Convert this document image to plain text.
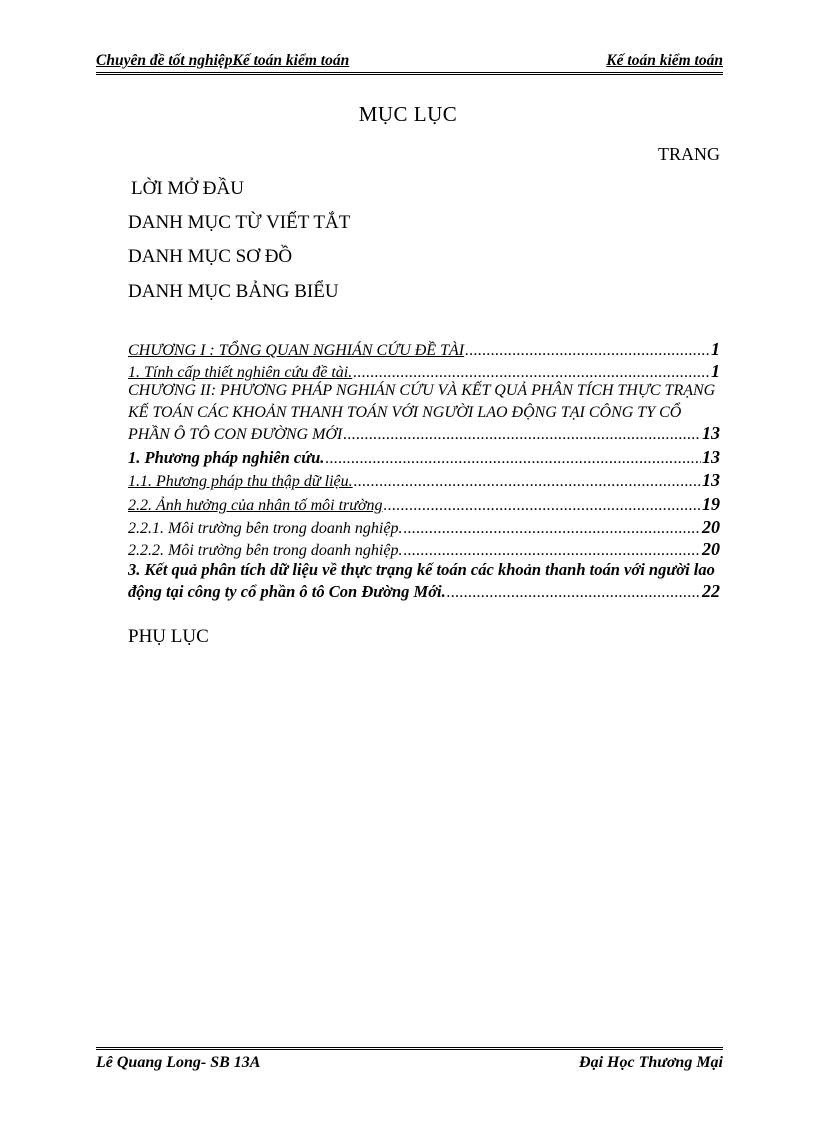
Chuyên đề tốt nghiệpKế toán kiểm toán	Kế toán kiểm toán
MỤC LỤC
TRANG
LỜI MỞ ĐẦU
DANH MỤC TỪ VIẾT TẮT
DANH MỤC SƠ ĐỒ
DANH MỤC BẢNG BIỂU
CHƯƠNG I : TỔNG QUAN NGHIÁN CỨU ĐỀ TÀI .....	1
1. Tính cấp thiết nghiên cứu đề tài. .....	1
CHƯƠNG II: PHƯƠNG PHÁP NGHIÁN CỨU VÀ KẾT QUẢ PHÂN TÍCH THỰC TRẠNG
KẾ TOÁN CÁC KHOẢN THANH TOÁN VỚI NGƯỜI LAO ĐỘNG TẠI CÔNG TY CỔ
PHẦN Ô TÔ CON ĐƯỜNG MỚI .....	13
1. Phương pháp nghiên cứu. .....	13
1.1. Phương pháp thu thập dữ liệu. .....	13
2.2. Ảnh hưởng của nhân tố môi trường .....	19
2.2.1. Môi trường bên trong doanh nghiệp. .....	20
2.2.2. Môi trường bên trong doanh nghiệp. .....	20
3. Kết quả phân tích dữ liệu về thực trạng kế toán các khoản thanh toán với người lao
động tại công ty cổ phần ô tô Con Đường Mới. .....	22
PHỤ LỤC
Lê Quang Long- SB 13A	Đại Học Thương Mại
